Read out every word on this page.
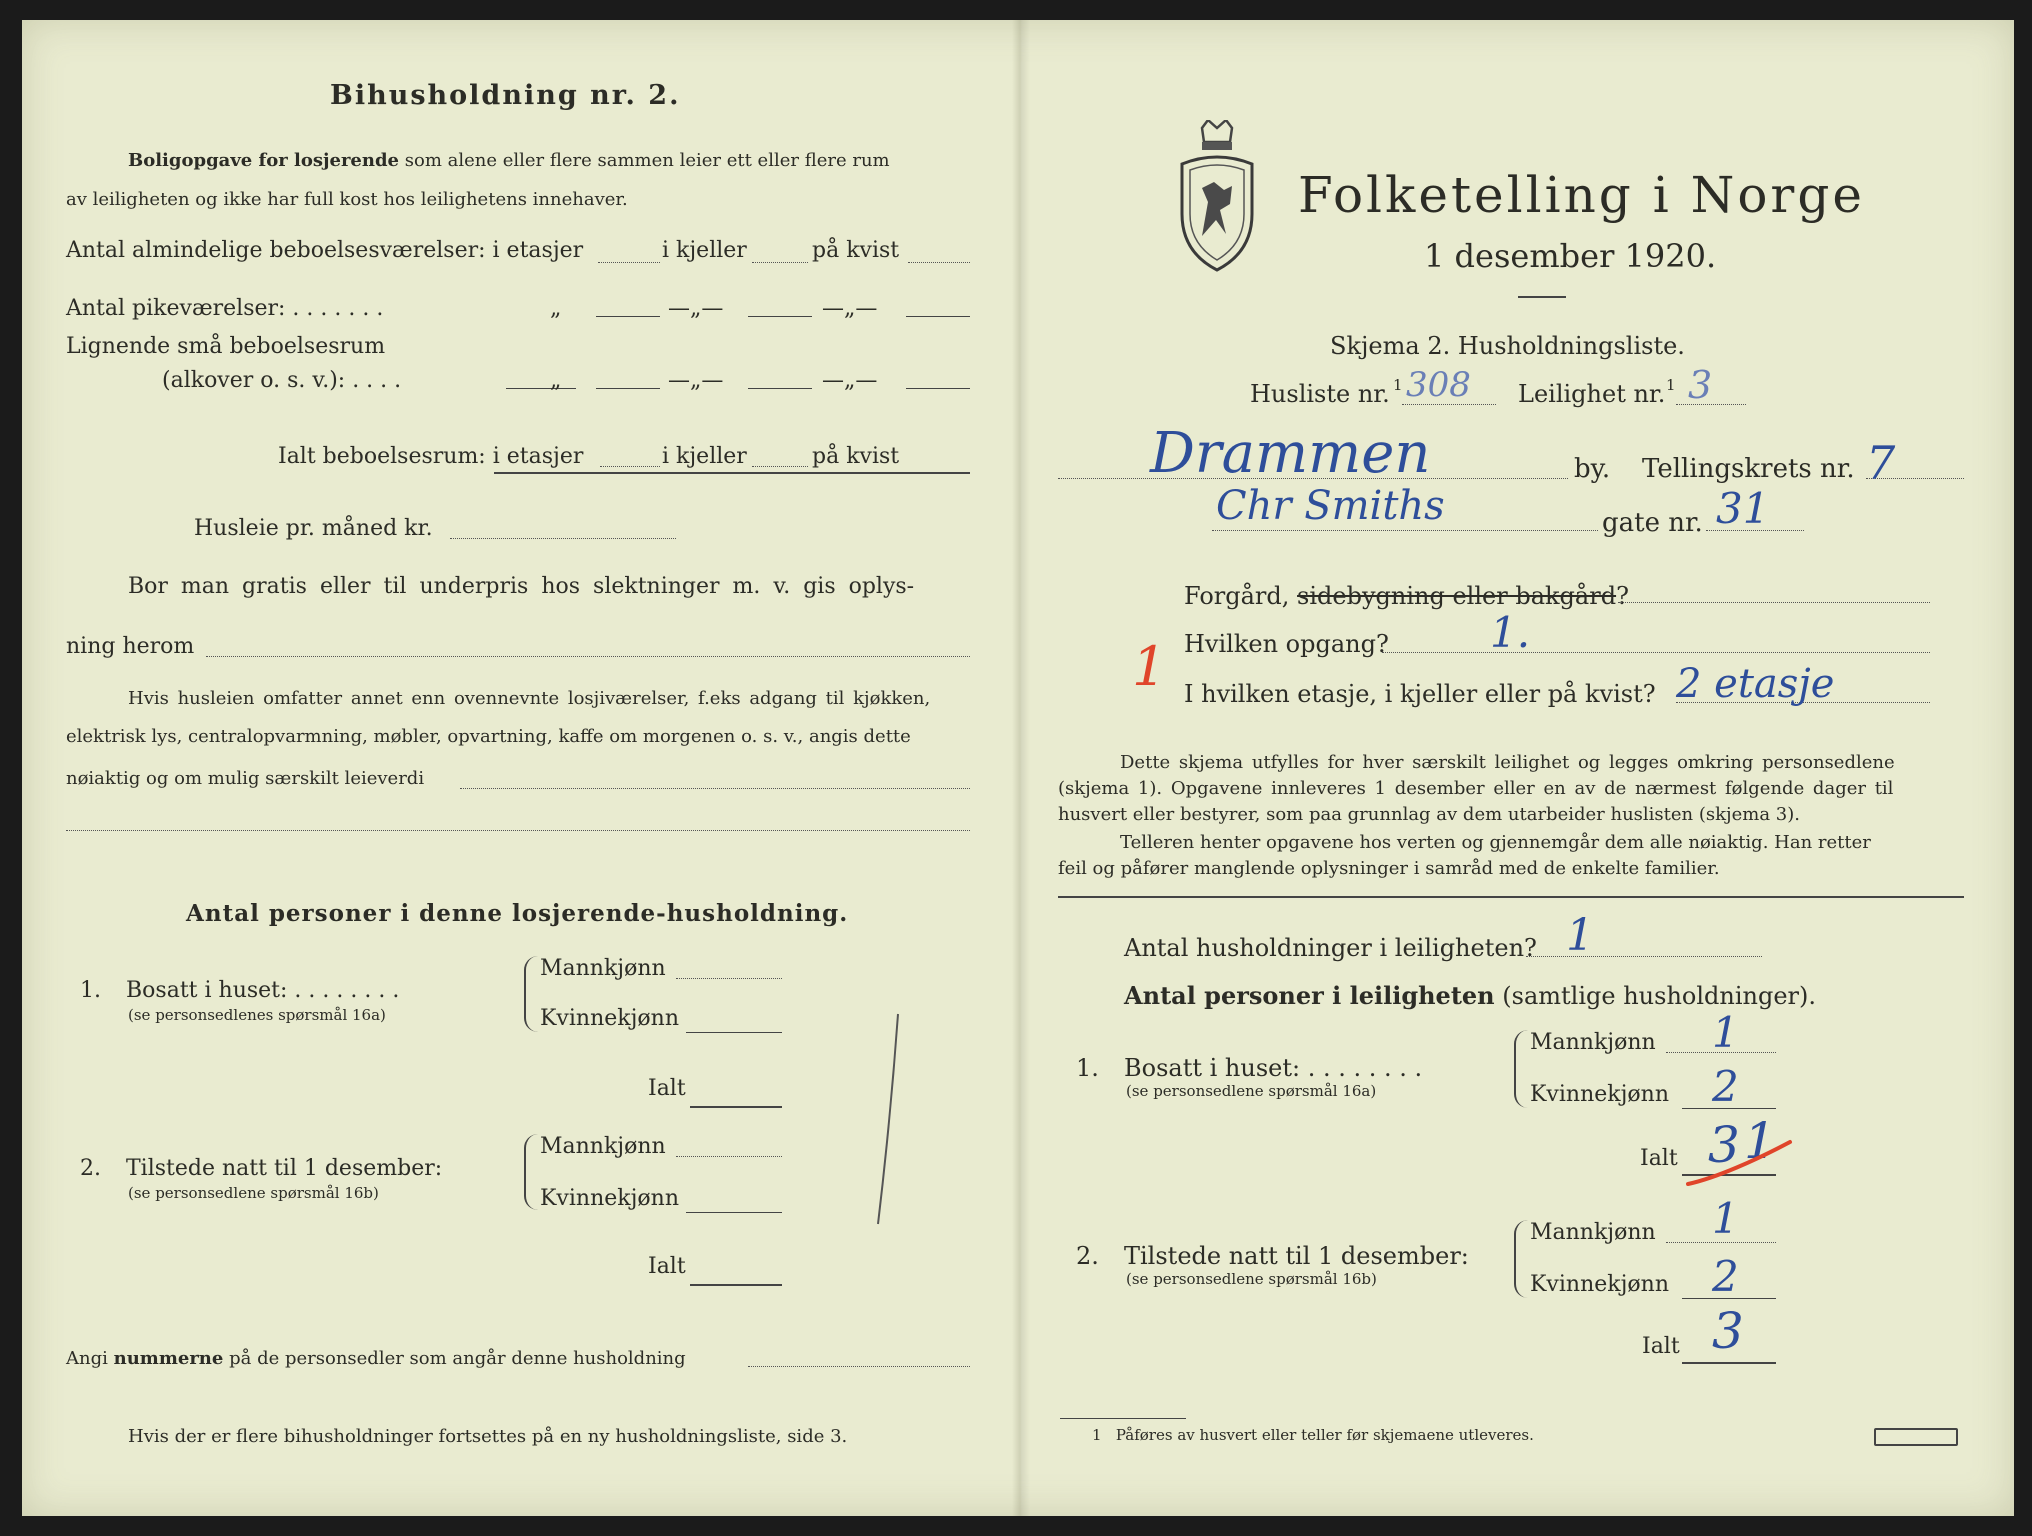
Bihusholdning nr. 2.
Boligopgave for losjerende som alene eller flere sammen leier ett eller flere rum
av leiligheten og ikke har full kost hos leilighetens innehaver.
Antal almindelige beboelsesværelser: i etasjer	i kjeller	på kvist
Antal pikeværelser: . . . . . . .	„	—„—	—„—
Lignende små beboelsesrum
(alkover o. s. v.): . . . .	„	—„—	—„—
Ialt beboelsesrum: i etasjer	i kjeller	på kvist
Husleie pr. måned kr.
Bor man gratis eller til underpris hos slektninger m. v. gis oplys-
ning herom
Hvis husleien omfatter annet enn ovennevnte losjiværelser, f.eks adgang til kjøkken,
elektrisk lys, centralopvarmning, møbler, opvartning, kaffe om morgenen o. s. v., angis dette
nøiaktig og om mulig særskilt leieverdi
Antal personer i denne losjerende-husholdning.
1. Bosatt i huset: . . . . . . . .
(se personsedlenes spørsmål 16a)
Mannkjønn
Kvinnekjønn
Ialt
2. Tilstede natt til 1 desember:
(se personsedlene spørsmål 16b)
Mannkjønn
Kvinnekjønn
Ialt
Angi nummerne på de personsedler som angår denne husholdning
Hvis der er flere bihusholdninger fortsettes på en ny husholdningsliste, side 3.
Folketelling i Norge
1 desember 1920.
Skjema 2. Husholdningsliste.
Husliste nr. 1 308 Leilighet nr. 1 3
Drammen	by. Tellingskrets nr. 7
Chr Smiths	gate nr. 31
Forgård, sidebygning eller bakgård?
Hvilken opgang? 1.
1 I hvilken etasje, i kjeller eller på kvist? 2 etasje
Dette skjema utfylles for hver særskilt leilighet og legges omkring personsedlene
(skjema 1). Opgavene innleveres 1 desember eller en av de nærmest følgende dager til
husvert eller bestyrer, som paa grunnlag av dem utarbeider huslisten (skjema 3).
Telleren henter opgavene hos verten og gjennemgår dem alle nøiaktig. Han retter
feil og påfører manglende oplysninger i samråd med de enkelte familier.
Antal husholdninger i leiligheten? 1
Antal personer i leiligheten (samtlige husholdninger).
1. Bosatt i huset: . . . . . . . .
(se personsedlene spørsmål 16a)
Mannkjønn 1
Kvinnekjønn 2
Ialt 3 1
2. Tilstede natt til 1 desember:
(se personsedlene spørsmål 16b)
Mannkjønn 1
Kvinnekjønn 2
Ialt 3
1 Påføres av husvert eller teller før skjemaene utleveres.
